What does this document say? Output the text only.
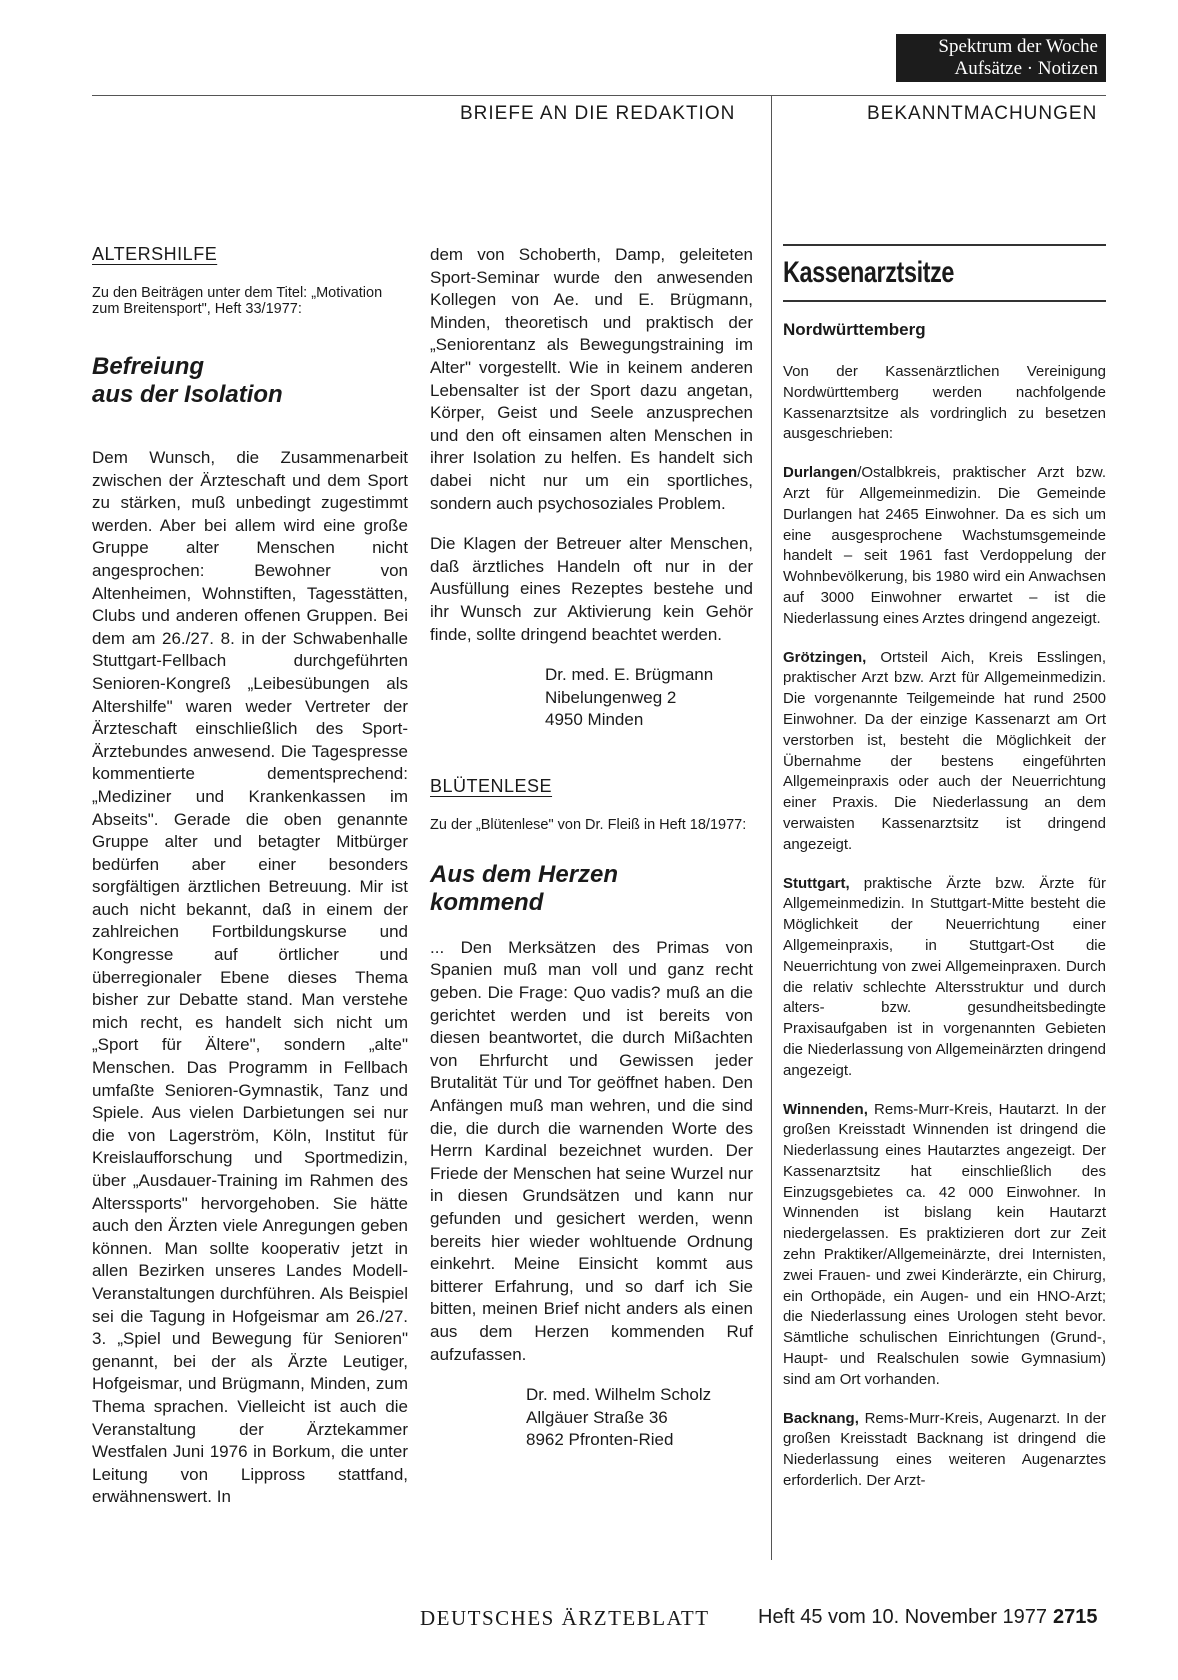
Spektrum der Woche
Aufsätze · Notizen
BRIEFE AN DIE REDAKTION	BEKANNTMACHUNGEN

ALTERSHILFE

Zu den Beiträgen unter dem Titel: „Motivation zum Breitensport", Heft 33/1977:

Befreiung

aus der Isolation

Dem Wunsch, die Zusammenarbeit zwischen der Ärzteschaft und dem Sport zu stärken, muß unbedingt zugestimmt werden. Aber bei allem wird eine große Gruppe alter Menschen nicht angesprochen: Bewohner von Altenheimen, Wohnstiften, Tagesstätten, Clubs und anderen offenen Gruppen. Bei dem am 26./27. 8. in der Schwabenhalle Stuttgart-Fellbach durchgeführten Senioren-Kongreß „Leibesübungen als Altershilfe" waren weder Vertreter der Ärzteschaft einschließlich des Sport-Ärztebundes anwesend. Die Tagespresse kommentierte dementsprechend: „Mediziner und Krankenkassen im Abseits". Gerade die oben genannte Gruppe alter und betagter Mitbürger bedürfen aber einer besonders sorgfältigen ärztlichen Betreuung. Mir ist auch nicht bekannt, daß in einem der zahlreichen Fortbildungskurse und Kongresse auf örtlicher und überregionaler Ebene dieses Thema bisher zur Debatte stand. Man verstehe mich recht, es handelt sich nicht um „Sport für Ältere", sondern „alte" Menschen. Das Programm in Fellbach umfaßte Senioren-Gymnastik, Tanz und Spiele. Aus vielen Darbietungen sei nur die von Lagerström, Köln, Institut für Kreislaufforschung und Sportmedizin, über „Ausdauer-Training im Rahmen des Alterssports" hervorgehoben. Sie hätte auch den Ärzten viele Anregungen geben können. Man sollte kooperativ jetzt in allen Bezirken unseres Landes Modell-Veranstaltungen durchführen. Als Beispiel sei die Tagung in Hofgeismar am 26./27. 3. „Spiel und Bewegung für Senioren" genannt, bei der als Ärzte Leutiger, Hofgeismar, und Brügmann, Minden, zum Thema sprachen. Vielleicht ist auch die Veranstaltung der Ärztekammer Westfalen Juni 1976 in Borkum, die unter Leitung von Lippross stattfand, erwähnenswert. In

dem von Schoberth, Damp, geleiteten Sport-Seminar wurde den anwesenden Kollegen von Ae. und E. Brügmann, Minden, theoretisch und praktisch der „Seniorentanz als Bewegungstraining im Alter" vorgestellt. Wie in keinem anderen Lebensalter ist der Sport dazu angetan, Körper, Geist und Seele anzusprechen und den oft einsamen alten Menschen in ihrer Isolation zu helfen. Es handelt sich dabei nicht nur um ein sportliches, sondern auch psychosoziales Problem.

Die Klagen der Betreuer alter Menschen, daß ärztliches Handeln oft nur in der Ausfüllung eines Rezeptes bestehe und ihr Wunsch zur Aktivierung kein Gehör finde, sollte dringend beachtet werden.

Dr. med. E. Brügmann

Nibelungenweg 2

4950 Minden

BLÜTENLESE

Zu der „Blütenlese" von Dr. Fleiß in Heft 18/1977:

Aus dem Herzen

kommend

... Den Merksätzen des Primas von Spanien muß man voll und ganz recht geben. Die Frage: Quo vadis? muß an die gerichtet werden und ist bereits von diesen beantwortet, die durch Mißachten von Ehrfurcht und Gewissen jeder Brutalität Tür und Tor geöffnet haben. Den Anfängen muß man wehren, und die sind die, die durch die warnenden Worte des Herrn Kardinal bezeichnet wurden. Der Friede der Menschen hat seine Wurzel nur in diesen Grundsätzen und kann nur gefunden und gesichert werden, wenn bereits hier wieder wohltuende Ordnung einkehrt. Meine Einsicht kommt aus bitterer Erfahrung, und so darf ich Sie bitten, meinen Brief nicht anders als einen aus dem Herzen kommenden Ruf aufzufassen.

Dr. med. Wilhelm Scholz

Allgäuer Straße 36

8962 Pfronten-Ried

Kassenarztsitze

Nordwürttemberg

Von der Kassenärztlichen Vereinigung Nordwürttemberg werden nachfolgende Kassenarztsitze als vordringlich zu besetzen ausgeschrieben:

Durlangen/Ostalbkreis, praktischer Arzt bzw. Arzt für Allgemeinmedizin. Die Gemeinde Durlangen hat 2465 Einwohner. Da es sich um eine ausgesprochene Wachstumsgemeinde handelt – seit 1961 fast Verdoppelung der Wohnbevölkerung, bis 1980 wird ein Anwachsen auf 3000 Einwohner erwartet – ist die Niederlassung eines Arztes dringend angezeigt.

Grötzingen, Ortsteil Aich, Kreis Esslingen, praktischer Arzt bzw. Arzt für Allgemeinmedizin. Die vorgenannte Teilgemeinde hat rund 2500 Einwohner. Da der einzige Kassenarzt am Ort verstorben ist, besteht die Möglichkeit der Übernahme der bestens eingeführten Allgemeinpraxis oder auch der Neuerrichtung einer Praxis. Die Niederlassung an dem verwaisten Kassenarztsitz ist dringend angezeigt.

Stuttgart, praktische Ärzte bzw. Ärzte für Allgemeinmedizin. In Stuttgart-Mitte besteht die Möglichkeit der Neuerrichtung einer Allgemeinpraxis, in Stuttgart-Ost die Neuerrichtung von zwei Allgemeinpraxen. Durch die relativ schlechte Altersstruktur und durch alters- bzw. gesundheitsbedingte Praxisaufgaben ist in vorgenannten Gebieten die Niederlassung von Allgemeinärzten dringend angezeigt.

Winnenden, Rems-Murr-Kreis, Hautarzt. In der großen Kreisstadt Winnenden ist dringend die Niederlassung eines Hautarztes angezeigt. Der Kassenarztsitz hat einschließlich des Einzugsgebietes ca. 42 000 Einwohner. In Winnenden ist bislang kein Hautarzt niedergelassen. Es praktizieren dort zur Zeit zehn Praktiker/Allgemeinärzte, drei Internisten, zwei Frauen- und zwei Kinderärzte, ein Chirurg, ein Orthopäde, ein Augen- und ein HNO-Arzt; die Niederlassung eines Urologen steht bevor. Sämtliche schulischen Einrichtungen (Grund-, Haupt- und Realschulen sowie Gymnasium) sind am Ort vorhanden.

Backnang, Rems-Murr-Kreis, Augenarzt. In der großen Kreisstadt Backnang ist dringend die Niederlassung eines weiteren Augenarztes erforderlich. Der Arzt-

DEUTSCHES ÄRZTEBLATT Heft 45 vom 10. November 1977 2715
